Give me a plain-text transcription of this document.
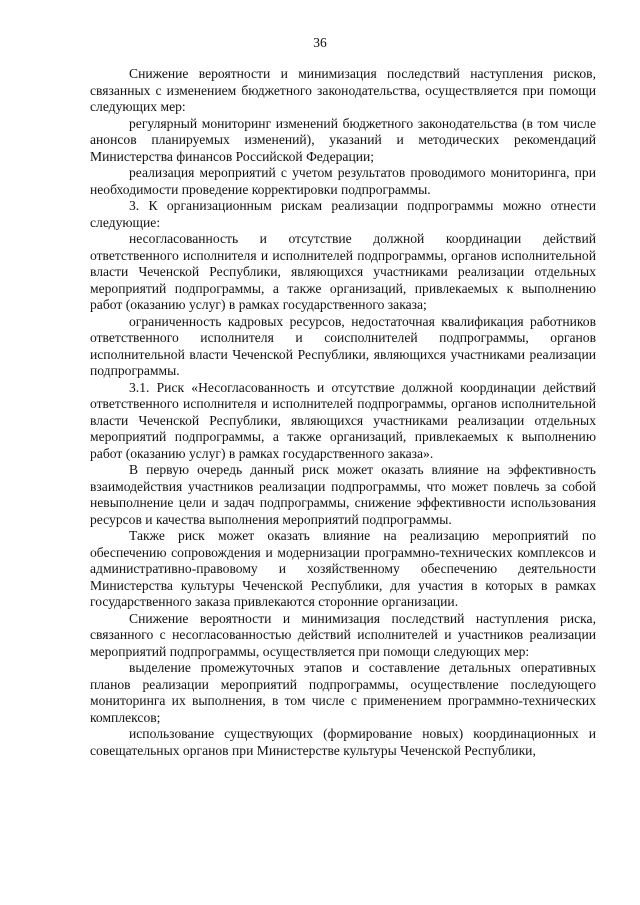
36

Снижение вероятности и минимизация последствий наступления рисков, связанных с изменением бюджетного законодательства, осуществляется при помощи следующих мер:

регулярный мониторинг изменений бюджетного законодательства (в том числе анонсов планируемых изменений), указаний и методических рекомендаций Министерства финансов Российской Федерации;

реализация мероприятий с учетом результатов проводимого мониторинга, при необходимости проведение корректировки подпрограммы.

3. К организационным рискам реализации подпрограммы можно отнести следующие:

несогласованность и отсутствие должной координации действий ответственного исполнителя и исполнителей подпрограммы, органов исполнительной власти Чеченской Республики, являющихся участниками реализации отдельных мероприятий подпрограммы, а также организаций, привлекаемых к выполнению работ (оказанию услуг) в рамках государственного заказа;

ограниченность кадровых ресурсов, недостаточная квалификация работников ответственного исполнителя и соисполнителей подпрограммы, органов исполнительной власти Чеченской Республики, являющихся участниками реализации подпрограммы.

3.1. Риск «Несогласованность и отсутствие должной координации действий ответственного исполнителя и исполнителей подпрограммы, органов исполнительной власти Чеченской Республики, являющихся участниками реализации отдельных мероприятий подпрограммы, а также организаций, привлекаемых к выполнению работ (оказанию услуг) в рамках государственного заказа».

В первую очередь данный риск может оказать влияние на эффективность взаимодействия участников реализации подпрограммы, что может повлечь за собой невыполнение цели и задач подпрограммы, снижение эффективности использования ресурсов и качества выполнения мероприятий подпрограммы.

Также риск может оказать влияние на реализацию мероприятий по обеспечению сопровождения и модернизации программно-технических комплексов и административно-правовому и хозяйственному обеспечению деятельности Министерства культуры Чеченской Республики, для участия в которых в рамках государственного заказа привлекаются сторонние организации.

Снижение вероятности и минимизация последствий наступления риска, связанного с несогласованностью действий исполнителей и участников реализации мероприятий подпрограммы, осуществляется при помощи следующих мер:

выделение промежуточных этапов и составление детальных оперативных планов реализации мероприятий подпрограммы, осуществление последующего мониторинга их выполнения, в том числе с применением программно-технических комплексов;

использование существующих (формирование новых) координационных и совещательных органов при Министерстве культуры Чеченской Республики,
